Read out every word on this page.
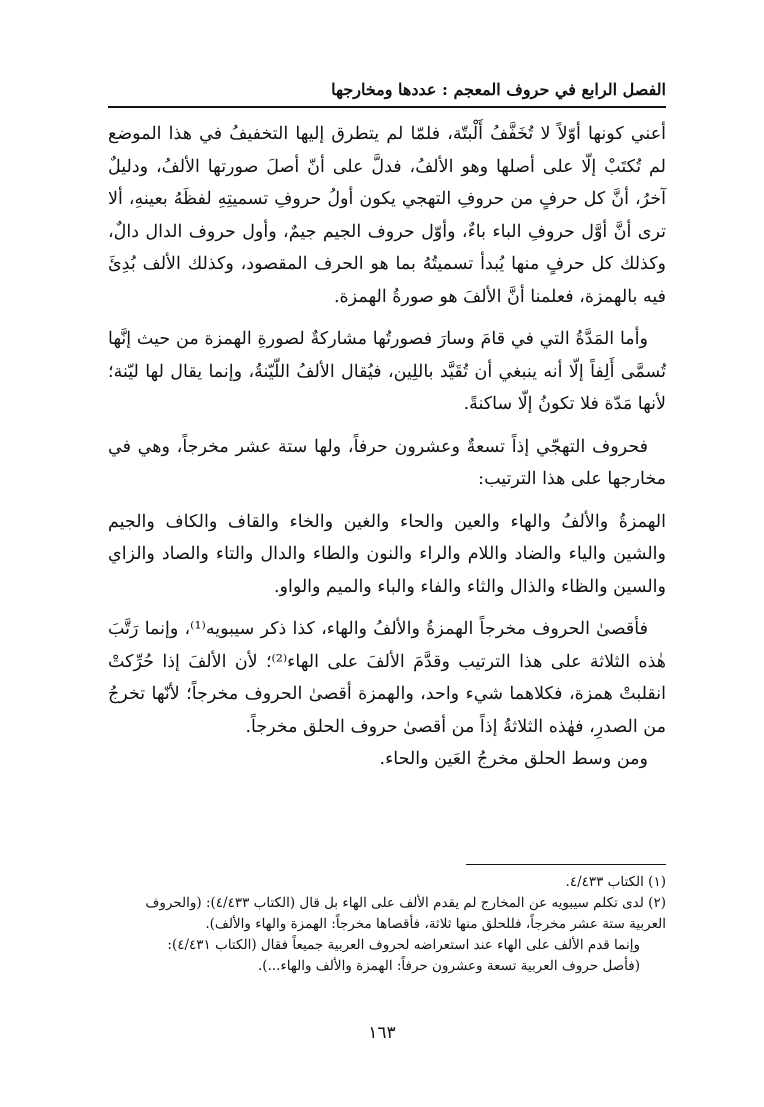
الفصل الرابع في حروف المعجم : عددها ومخارجها

أعني كونها أوّلاً لا تُخَفَّفُ أَلْبتّة، فلمّا لم يتطرق إليها التخفيفُ في هذا الموضع لم تُكتَبْ إلّا على أصلها وهو الألفُ، فدلَّ على أنّ أصلَ صورتها الألفُ، ودليلٌ آخرُ، أنَّ كل حرفٍ من حروفِ التهجي يكون أولُ حروفِ تسميتِهِ لفظَهُ بعينهِ، ألا ترى أنَّ أوَّل حروفِ الباء باءٌ، وأوّل حروف الجيم جيمٌ، وأول حروف الدال دالٌ، وكذلك كل حرفٍ منها يُبدأ تسميتُهُ بما هو الحرف المقصود، وكذلك الألف بُدِئَ فيه بالهمزة، فعلمنا أنَّ الألفَ هو صورةُ الهمزة.

وأما المَدَّةُ التي في قامَ وسارَ فصورتُها مشاركةٌ لصورةِ الهمزة من حيث إنَّها تُسمَّى أَلِفاً إلّا أنه ينبغي أن تُقَيَّد باللِين، فيُقال الألفُ اللّيّنةُ، وإنما يقال لها ليّنة؛ لأنها مَدّة فلا تكونُ إلّا ساكنةً.

فحروف التهجّي إذاً تسعةٌ وعشرون حرفاً، ولها ستة عشر مخرجاً، وهي في مخارجها على هذا الترتيب:

الهمزةُ والألفُ والهاء والعين والحاء والغين والخاء والقاف والكاف والجيم والشين والياء والضاد واللام والراء والنون والطاء والدال والتاء والصاد والزاي والسين والظاء والذال والثاء والفاء والباء والميم والواو.

فأقصىٰ الحروف مخرجاً الهمزةُ والألفُ والهاء، كذا ذكر سيبويه⁽¹⁾، وإنما رَتَّبَ هٰذه الثلاثة على هذا الترتيب وقدَّمَ الألفَ على الهاء⁽²⁾؛ لأن الألفَ إذا حُرِّكتْ انقلبتْ همزة، فكلاهما شيء واحد، والهمزة أقصىٰ الحروف مخرجاً؛ لأنّها تخرجُ من الصدرِ، فهٰذه الثلاثةُ إذاً من أقصىٰ حروف الحلق مخرجاً.

ومن وسط الحلق مخرجُ العَين والحاء.

(١) الكتاب ٤/٤٣٣.

(٢) لدى تكلم سيبويه عن المخارج لم يقدم الألف على الهاء بل قال (الكتاب ٤/٤٣٣): (والحروف العربية ستة عشر مخرجاً، فللحلق منها ثلاثة، فأقصاها مخرجاً: الهمزة والهاء والألف).

وإنما قدم الألف على الهاء عند استعراضه لحروف العربية جميعاً فقال (الكتاب ٤/٤٣١):

(فأصل حروف العربية تسعة وعشرون حرفاً: الهمزة والألف والهاء...).

١٦٣
